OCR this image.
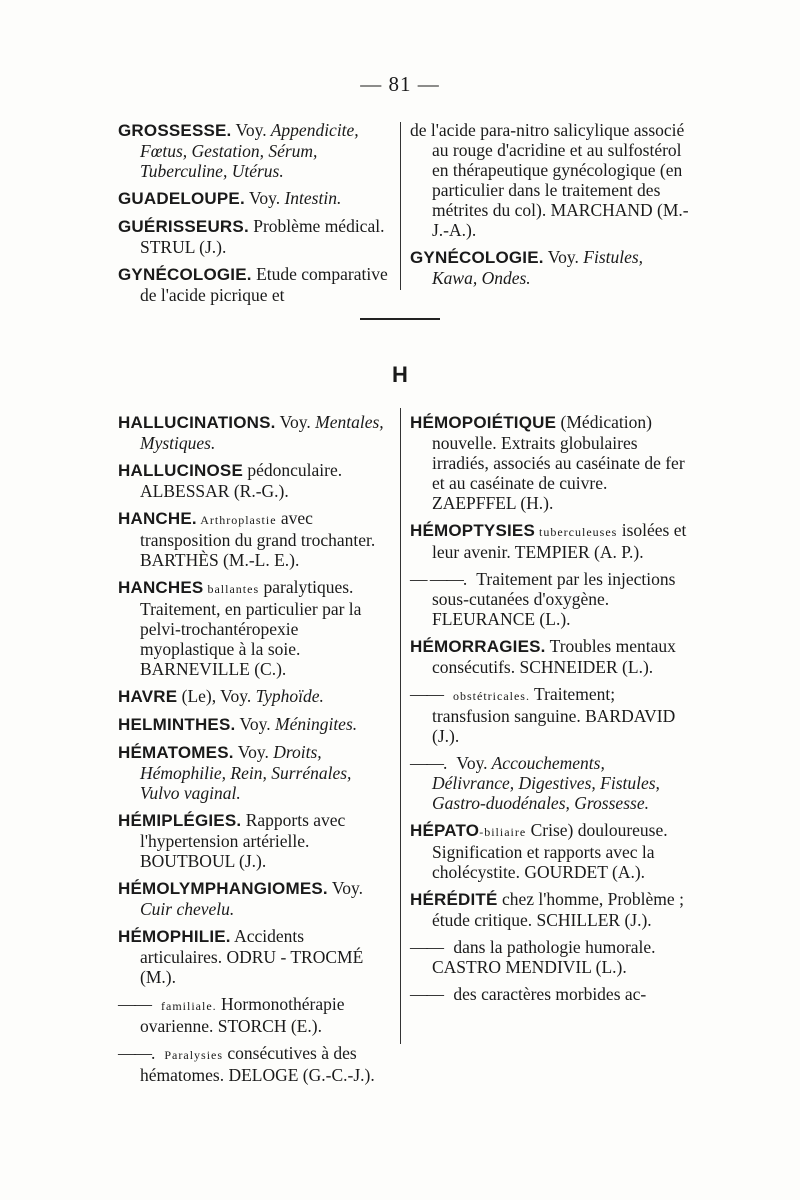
— 81 —
GROSSESSE. Voy. Appendicite, Fœtus, Gestation, Sérum, Tuberculine, Utérus.
GUADELOUPE. Voy. Intestin.
GUÉRISSEURS. Problème médical. STRUL (J.).
GYNÉCOLOGIE. Etude comparative de l'acide picrique et
de l'acide para-nitro salicylique associé au rouge d'acridine et au sulfostérol en thérapeutique gynécologique (en particulier dans le traitement des métrites du col). MARCHAND (M.-J.-A.).
GYNÉCOLOGIE. Voy. Fistules, Kawa, Ondes.
H
HALLUCINATIONS. Voy. Mentales, Mystiques.
HALLUCINOSE pédonculaire. ALBESSAR (R.-G.).
HANCHE. Arthroplastie avec transposition du grand trochanter. BARTHÈS (M.-L. E.).
HANCHES ballantes paralytiques. Traitement, en particulier par la pelvi-trochantéropexie myoplastique à la soie. BARNEVILLE (C.).
HAVRE (Le), Voy. Typhoïde.
HELMINTHES. Voy. Méningites.
HÉMATOMES. Voy. Droits, Hémophilie, Rein, Surrénales, Vulvo vaginal.
HÉMIPLÉGIES. Rapports avec l'hypertension artérielle. BOUTBOUL (J.).
HÉMOLYMPHANGIOMES. Voy. Cuir chevelu.
HÉMOPHILIE. Accidents articulaires. ODRU - TROCMÉ (M.).
—— familiale. Hormonothérapie ovarienne. STORCH (E.).
——. Paralysies consécutives à des hématomes. DELOGE (G.-C.-J.).
HÉMOPOIÉTIQUE (Médication) nouvelle. Extraits globulaires irradiés, associés au caséinate de fer et au caséinate de cuivre. ZAEPFFEL (H.).
HÉMOPTYSIES tuberculeuses isolées et leur avenir. TEMPIER (A. P.).
— ——. Traitement par les injections sous-cutanées d'oxygène. FLEURANCE (L.).
HÉMORRAGIES. Troubles mentaux consécutifs. SCHNEIDER (L.).
—— obstétricales. Traitement; transfusion sanguine. BARDAVID (J.).
——. Voy. Accouchements, Délivrance, Digestives, Fistules, Gastro-duodénales, Grossesse.
HÉPATO-biliaire Crise) douloureuse. Signification et rapports avec la cholécystite. GOURDET (A.).
HÉRÉDITÉ chez l'homme, Problème ; étude critique. SCHILLER (J.).
—— dans la pathologie humorale. CASTRO MENDIVIL (L.).
—— des caractères morbides ac-
